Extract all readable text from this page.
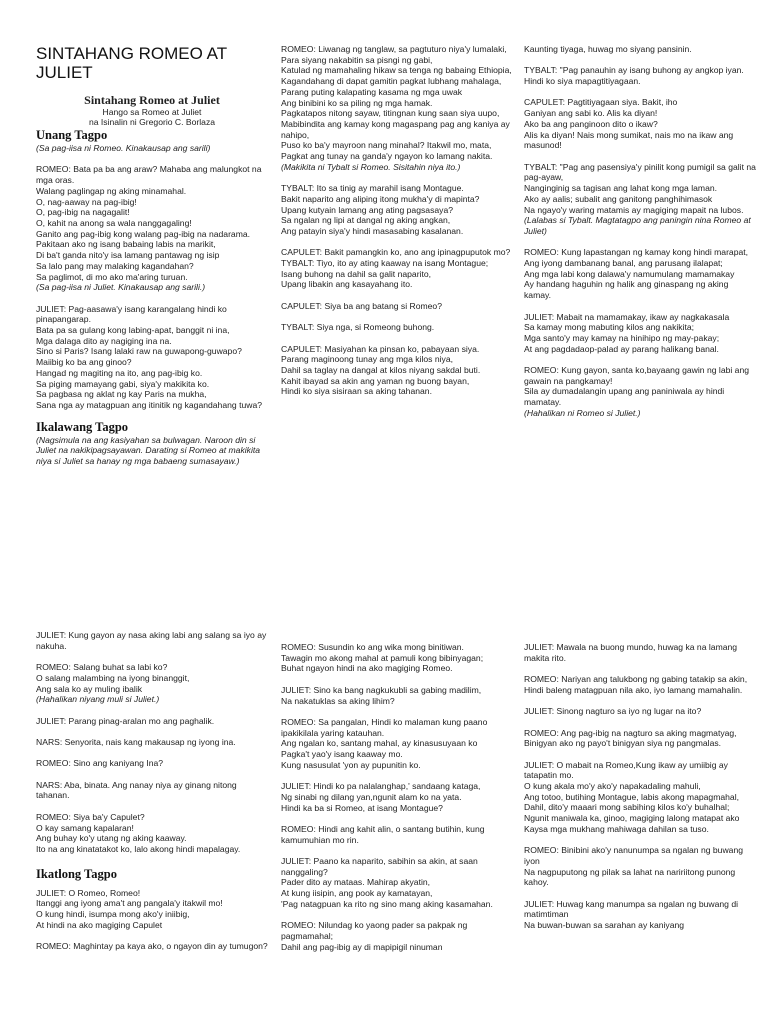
SINTAHANG ROMEO AT JULIET

Sintahang Romeo at Juliet

Hango sa Romeo at Juliet

na Isinalin ni Gregorio C. Borlaza

Unang Tagpo

(Sa pag-iisa ni Romeo. Kinakausap ang sarili)

ROMEO: Bata pa ba ang araw? Mahaba ang malungkot na mga oras.
Walang paglingap ng aking minamahal.
O, nag-aaway na pag-ibig!
O, pag-ibig na nagagalit!
O, kahit na anong sa wala nanggagaling!
Ganito ang pag-ibig kong walang pag-ibig na nadarama.
Pakitaan ako ng isang babaing labis na marikit,
Di ba't ganda nito'y isa lamang pantawag ng isip
Sa lalo pang may malaking kagandahan?
Sa paglimot, di mo ako ma'aring turuan.

(Sa pag-iisa ni Juliet. Kinakausap ang sarili.)

JULIET: Pag-aasawa'y isang karangalang hindi ko pinapangarap.
Bata pa sa gulang kong labing-apat, banggit ni ina,
Mga dalaga dito ay nagiging ina na.
Sino si Paris? Isang lalaki raw na guwapong-guwapo?
Maiibig ko ba ang ginoo?
Hangad ng magiting na ito, ang pag-ibig ko.
Sa piging mamayang gabi, siya'y makikita ko.
Sa pagbasa ng aklat ng kay Paris na mukha,
Sana nga ay matagpuan ang itinitik ng kagandahang tuwa?

Ikalawang Tagpo

(Nagsimula na ang kasiyahan sa bulwagan. Naroon din si Juliet na nakikipagsayawan. Darating si Romeo at makikita niya si Juliet sa hanay ng mga babaeng sumasayaw.)

ROMEO: Liwanag ng tanglaw, sa pagtuturo niya'y lumalaki,
Para siyang nakabitin sa pisngi ng gabi,
Katulad ng mamahaling hikaw sa tenga ng babaing Ethiopia,
Kagandahang di dapat gamitin pagkat lubhang mahalaga,
Parang puting kalapating kasama ng mga uwak
Ang binibini ko sa piling ng mga hamak.
Pagkatapos nitong sayaw, titingnan kung saan siya uupo,
Mabibindita ang kamay kong magaspang pag ang kaniya ay nahipo,
Puso ko ba'y mayroon nang minahal? Itakwil mo, mata,
Pagkat ang tunay na ganda'y ngayon ko lamang nakita.

(Makikita ni Tybalt si Romeo. Sisitahin niya ito.)

TYBALT: Ito sa tinig ay marahil isang Montague.
Bakit naparito ang aliping itong mukha'y di mapinta?
Upang kutyain lamang ang ating pagsasaya?
Sa ngalan ng lipi at dangal ng aking angkan,
Ang patayin siya'y hindi masasabing kasalanan.

CAPULET: Bakit pamangkin ko, ano ang ipinagpuputok mo?

TYBALT: Tiyo, ito ay ating kaaway na isang Montague;
Isang buhong na dahil sa galit naparito,
Upang libakin ang kasayahang ito.

CAPULET: Siya ba ang batang si Romeo?

TYBALT: Siya nga, si Romeong buhong.

CAPULET: Masiyahan ka pinsan ko, pabayaan siya.
Parang maginoong tunay ang mga kilos niya,
Dahil sa taglay na dangal at kilos niyang sakdal buti.
Kahit ibayad sa akin ang yaman ng buong bayan,
Hindi ko siya sisiraan sa aking tahanan.

Kaunting tiyaga, huwag mo siyang pansinin.

TYBALT: "Pag panauhin ay isang buhong ay angkop iyan.
Hindi ko siya mapagtitiyagaan.

CAPULET: Pagtitiyagaan siya. Bakit, iho
Ganiyan ang sabi ko. Alis ka diyan!
Ako ba ang panginoon dito o ikaw?
Alis ka diyan! Nais mong sumikat, nais mo na ikaw ang masunod!

TYBALT: "Pag ang pasensiya'y pinilit kong pumigil sa galit na pag-ayaw,
Nanginginig sa tagisan ang lahat kong mga laman.
Ako ay aalis; subalit ang ganitong panghihimasok
Na ngayo'y waring matamis ay magiging mapait na lubos.

(Lalabas si Tybalt. Magtatagpo ang paningin nina Romeo at Juliet)

ROMEO: Kung lapastangan ng kamay kong hindi marapat,
Ang iyong dambanang banal, ang parusang ilalapat;
Ang mga labi kong dalawa'y namumulang mamamakay
Ay handang haguhin ng halik ang ginaspang ng aking kamay.

JULIET: Mabait na mamamakay, ikaw ay nagkakasala
Sa kamay mong mabuting kilos ang nakikita;
Mga santo'y may kamay na hinihipo ng may-pakay;
At ang pagdadaop-palad ay parang halikang banal.

ROMEO: Kung gayon, santa ko,bayaang gawin ng labi ang gawain na pangkamay!
Sila ay dumadalangin upang ang paniniwala ay hindi mamatay.

(Hahalikan ni Romeo si Juliet.)

JULIET: Kung gayon ay nasa aking labi ang salang sa iyo ay nakuha.

ROMEO: Salang buhat sa labi ko?
O salang malambing na iyong binanggit,
Ang sala ko ay muling ibalik

(Hahalikan niyang muli si Juliet.)

JULIET: Parang pinag-aralan mo ang paghalik.

NARS: Senyorita, nais kang makausap ng iyong ina.

ROMEO: Sino ang kaniyang Ina?

NARS: Aba, binata. Ang nanay niya ay ginang nitong tahanan.

ROMEO: Siya ba'y Capulet?
O kay samang kapalaran!
Ang buhay ko'y utang ng aking kaaway.
Ito na ang kinatatakot ko, lalo akong hindi mapalagay.

Ikatlong Tagpo

JULIET: O Romeo, Romeo!
Itanggi ang iyong ama't ang pangala'y itakwil mo!
O kung hindi, isumpa mong ako'y iniibig,
At hindi na ako magiging Capulet

ROMEO: Maghintay pa kaya ako, o ngayon din ay tumugon?

ROMEO: Susundin ko ang wika mong binitiwan.
Tawagin mo akong mahal at pamuli kong bibinyagan;
Buhat ngayon hindi na ako magiging Romeo.

JULIET: Sino ka bang nagkukubli sa gabing madilim,
Na nakatuklas sa aking lihim?

ROMEO: Sa pangalan, Hindi ko malaman kung paano ipakikilala yaring katauhan.
Ang ngalan ko, santang mahal, ay kinasusuyaan ko
Pagka't yao'y isang kaaway mo.
Kung nasusulat 'yon ay pupunitin ko.

JULIET: Hindi ko pa nalalanghap,' sandaang kataga,
Ng sinabi ng dilang yan,ngunit alam ko na yata.
Hindi ka ba si Romeo, at isang Montague?

ROMEO: Hindi ang kahit alin, o santang butihin, kung kamumuhian mo rin.

JULIET: Paano ka naparito, sabihin sa akin, at saan nanggaling?
Pader dito ay mataas. Mahirap akyatin,
At kung iisipin, ang pook ay kamatayan,
'Pag natagpuan ka rito ng sino mang aking kasamahan.

ROMEO: Nilundag ko yaong pader sa pakpak ng pagmamahal;
Dahil ang pag-ibig ay di mapipigil ninuman

JULIET: Mawala na buong mundo, huwag ka na lamang makita rito.

ROMEO: Nariyan ang talukbong ng gabing tatakip sa akin,
Hindi baleng matagpuan nila ako, iyo lamang mamahalin.

JULIET: Sinong nagturo sa iyo ng lugar na ito?

ROMEO: Ang pag-ibig na nagturo sa aking magmatyag,
Binigyan ako ng payo't binigyan siya ng pangmalas.

JULIET: O mabait na Romeo,Kung ikaw ay umiibig ay tatapatin mo.
O kung akala mo'y ako'y napakadaling mahuli,
Ang totoo, butihing Montague, labis akong mapagmahal,
Dahil, dito'y maaari mong sabihing kilos ko'y buhalhal;
Ngunit maniwala ka, ginoo, magiging lalong matapat ako
Kaysa mga mukhang mahiwaga dahilan sa tuso.

ROMEO: Binibini ako'y nanunumpa sa ngalan ng buwang iyon
Na nagpuputong ng pilak sa lahat na naririitong punong kahoy.

JULIET: Huwag kang manumpa sa ngalan ng buwang di matimtiman
Na buwan-buwan sa sarahan ay kaniyang
